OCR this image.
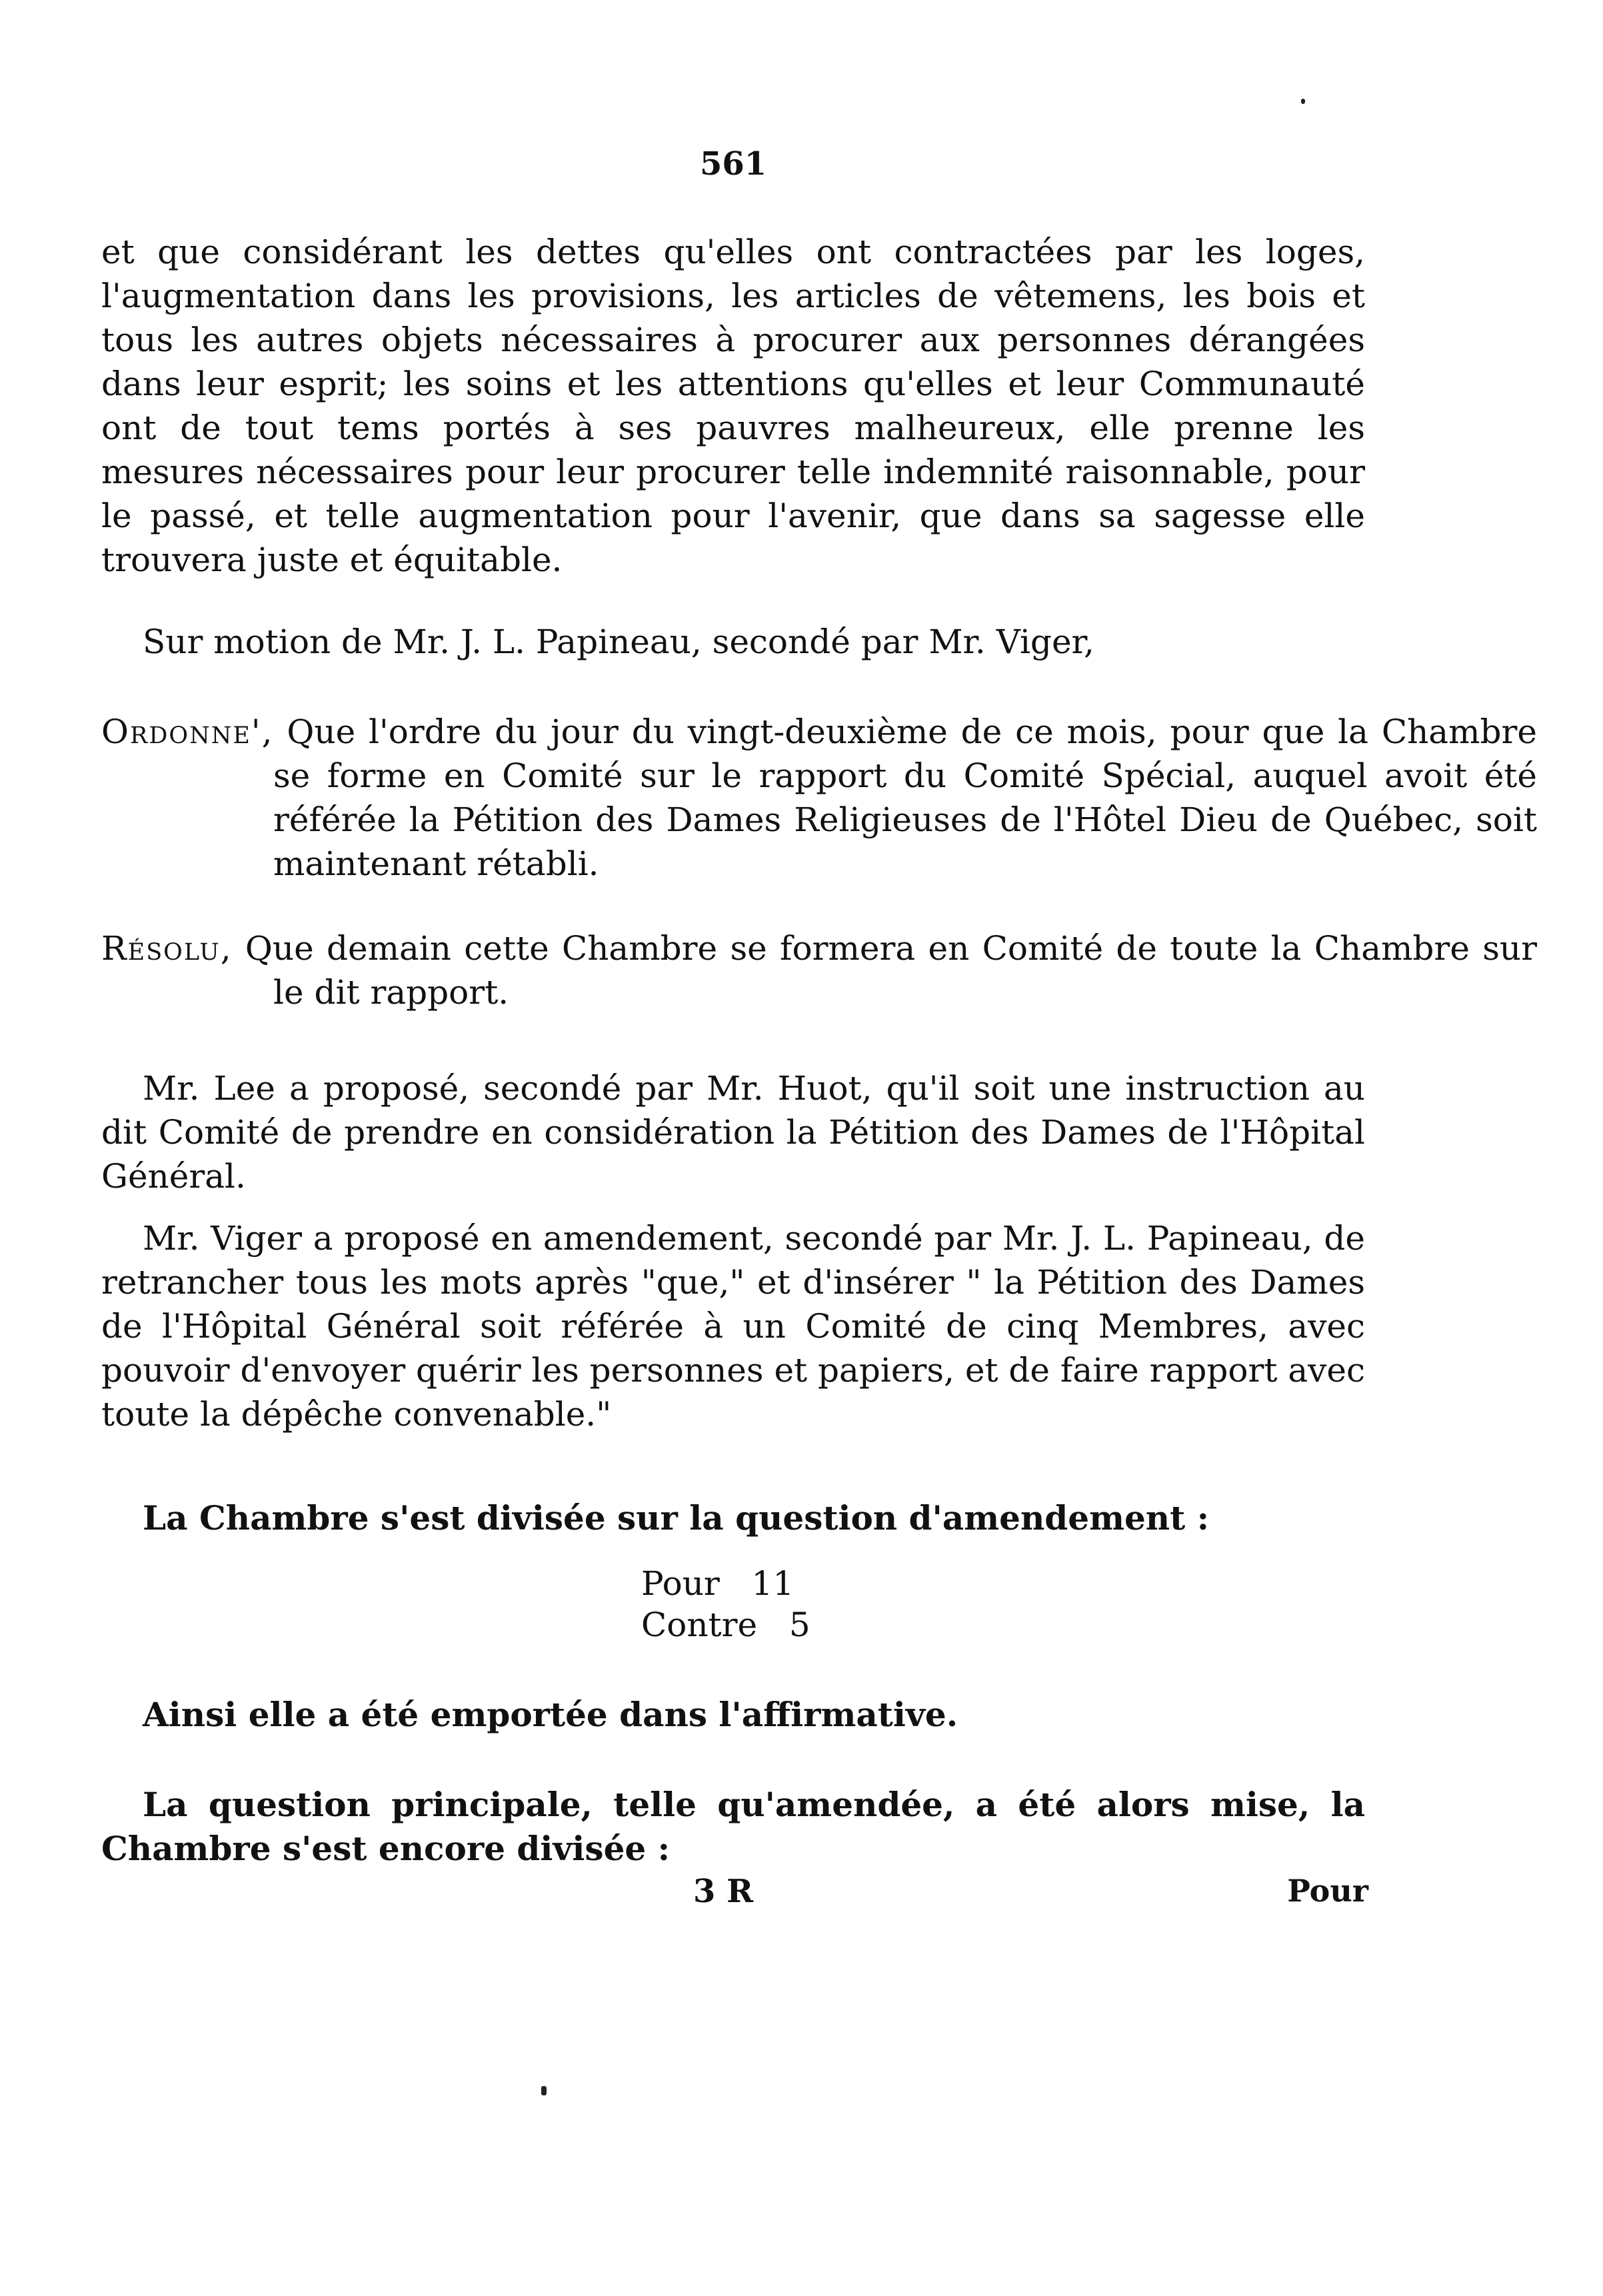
561
et que considérant les dettes qu'elles ont contractées par les loges, l'augmentation dans les provisions, les articles de vêtemens, les bois et tous les autres objets nécessaires à procurer aux personnes dérangées dans leur esprit; les soins et les attentions qu'elles et leur Communauté ont de tout tems portés à ses pauvres malheureux, elle prenne les mesures nécessaires pour leur procurer telle indemnité raisonnable, pour le passé, et telle augmentation pour l'avenir, que dans sa sagesse elle trouvera juste et équitable.
Sur motion de Mr. J. L. Papineau, secondé par Mr. Viger,
Ordonne', Que l'ordre du jour du vingt-deuxième de ce mois, pour que la Chambre se forme en Comité sur le rapport du Comité Spécial, auquel avoit été référée la Pétition des Dames Religieuses de l'Hôtel Dieu de Québec, soit maintenant rétabli.
Résolu, Que demain cette Chambre se formera en Comité de toute la Chambre sur le dit rapport.
Mr. Lee a proposé, secondé par Mr. Huot, qu'il soit une instruction au dit Comité de prendre en considération la Pétition des Dames de l'Hôpital Général.
Mr. Viger a proposé en amendement, secondé par Mr. J. L. Papineau, de retrancher tous les mots après "que," et d'insérer " la Pétition des Dames de l'Hôpital Général soit référée à un Comité de cinq Membres, avec pouvoir d'envoyer quérir les personnes et papiers, et de faire rapport avec toute la dépêche convenable."
La Chambre s'est divisée sur la question d'amendement :
Pour 11
Contre 5
Ainsi elle a été emportée dans l'affirmative.
La question principale, telle qu'amendée, a été alors mise, la Chambre s'est encore divisée :
3 R	Pour
